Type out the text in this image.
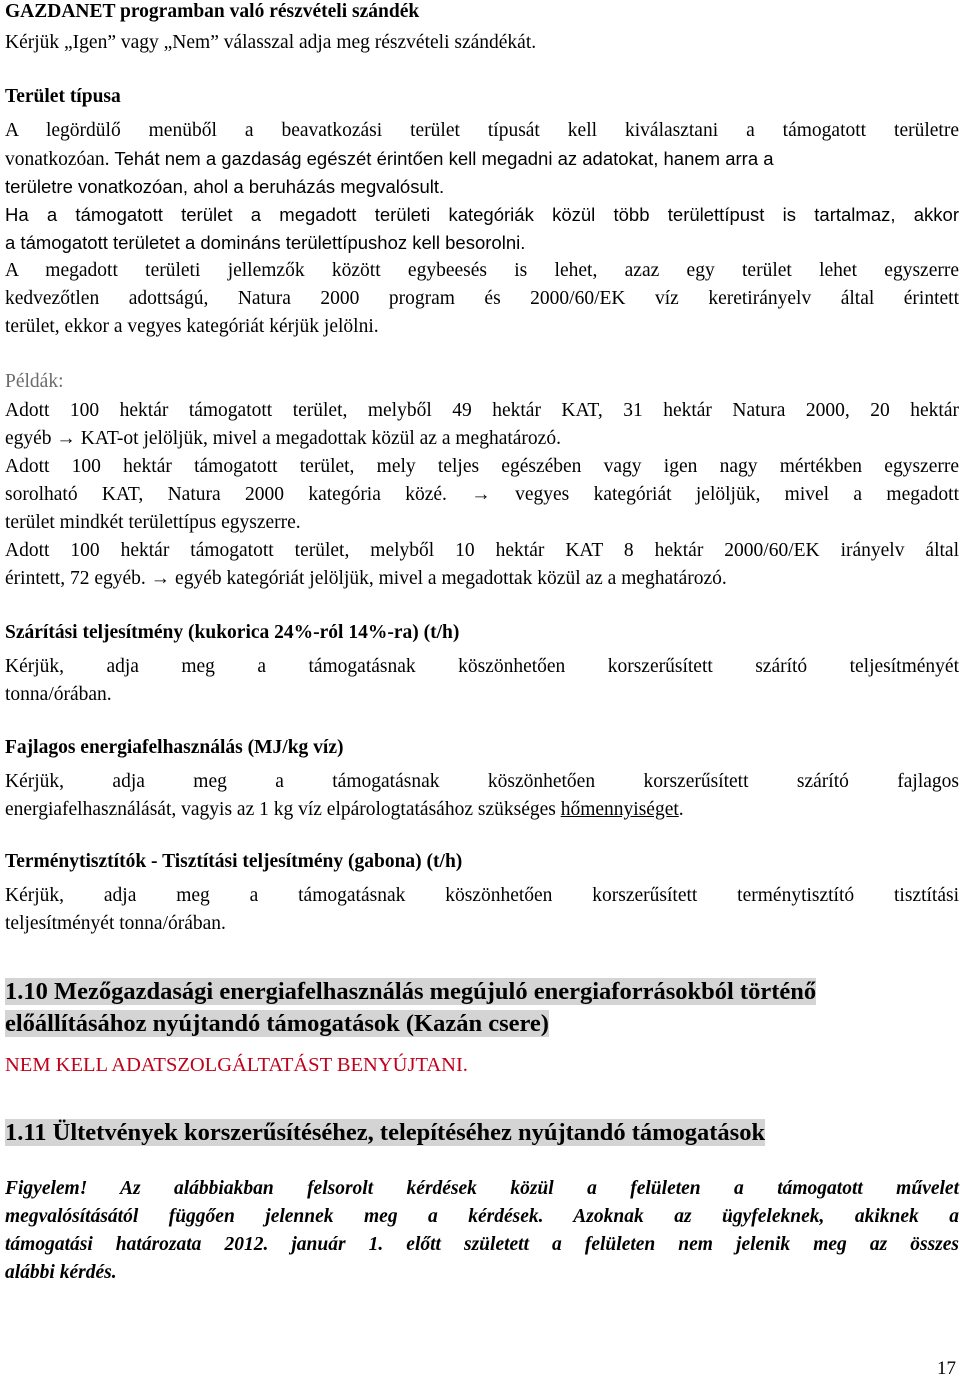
GAZDANET programban való részvételi szándék
Kérjük „Igen” vagy „Nem” válasszal adja meg részvételi szándékát.
Terület típusa
A legördülő menüből a beavatkozási terület típusát kell kiválasztani a támogatott területre
vonatkozóan. Tehát nem a gazdaság egészét érintően kell megadni az adatokat, hanem arra a
területre vonatkozóan, ahol a beruházás megvalósult.
Ha a támogatott terület a megadott területi kategóriák közül több területtípust is tartalmaz, akkor
a támogatott területet a domináns területtípushoz kell besorolni.
A megadott területi jellemzők között egybeesés is lehet, azaz egy terület lehet egyszerre
kedvezőtlen adottságú, Natura 2000 program és 2000/60/EK víz keretirányelv által érintett
terület, ekkor a vegyes kategóriát kérjük jelölni.
Példák:
Adott 100 hektár támogatott terület, melyből 49 hektár KAT, 31 hektár Natura 2000, 20 hektár
egyéb → KAT-ot jelöljük, mivel a megadottak közül az a meghatározó.
Adott 100 hektár támogatott terület, mely teljes egészében vagy igen nagy mértékben egyszerre
sorolható KAT, Natura 2000 kategória közé. → vegyes kategóriát jelöljük, mivel a megadott
terület mindkét területtípus egyszerre.
Adott 100 hektár támogatott terület, melyből 10 hektár KAT 8 hektár 2000/60/EK irányelv által
érintett, 72 egyéb. → egyéb kategóriát jelöljük, mivel a megadottak közül az a meghatározó.
Szárítási teljesítmény (kukorica 24%-ról 14%-ra) (t/h)
Kérjük, adja meg a támogatásnak köszönhetően korszerűsített szárító teljesítményét
tonna/órában.
Fajlagos energiafelhasználás (MJ/kg víz)
Kérjük, adja meg a támogatásnak köszönhetően korszerűsített szárító fajlagos
energiafelhasználását, vagyis az 1 kg víz elpárologtatásához szükséges hőmennyiséget.
Terménytisztítók - Tisztítási teljesítmény (gabona) (t/h)
Kérjük, adja meg a támogatásnak köszönhetően korszerűsített terménytisztító tisztítási
teljesítményét tonna/órában.
1.10 Mezőgazdasági energiafelhasználás megújuló energiaforrásokból történő
előállításához nyújtandó támogatások (Kazán csere)
NEM KELL ADATSZOLGÁLTATÁST BENYÚJTANI.
1.11 Ültetvények korszerűsítéséhez, telepítéséhez nyújtandó támogatások
Figyelem! Az alábbiakban felsorolt kérdések közül a felületen a támogatott művelet
megvalósításától függően jelennek meg a kérdések. Azoknak az ügyfeleknek, akiknek a
támogatási határozata 2012. január 1. előtt született a felületen nem jelenik meg az összes
alábbi kérdés.
17
